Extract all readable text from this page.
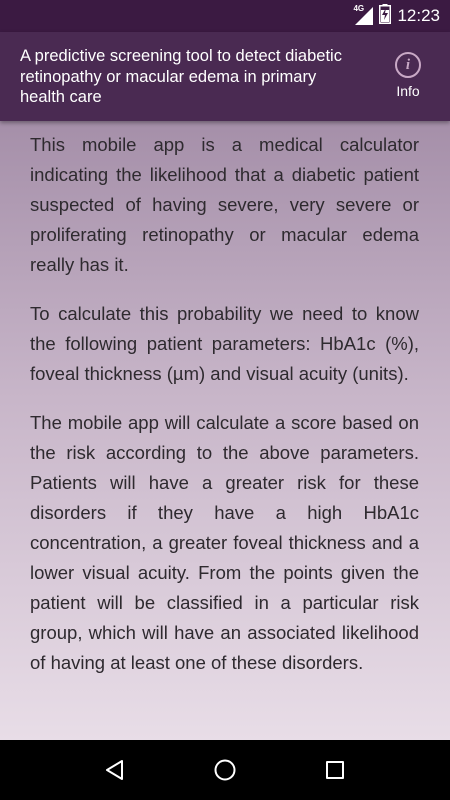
4G 12:23
A predictive screening tool to detect diabetic retinopathy or macular edema in primary health care
i
Info

This mobile app is a medical calculator indicating the likelihood that a diabetic patient suspected of having severe, very severe or proliferating retinopathy or macular edema really has it.

To calculate this probability we need to know the following patient parameters: HbA1c (%), foveal thickness (µm) and visual acuity (units).

The mobile app will calculate a score based on the risk according to the above parameters. Patients will have a greater risk for these disorders if they have a high HbA1c concentration, a greater foveal thickness and a lower visual acuity. From the points given the patient will be classified in a particular risk group, which will have an associated likelihood of having at least one of these disorders.
